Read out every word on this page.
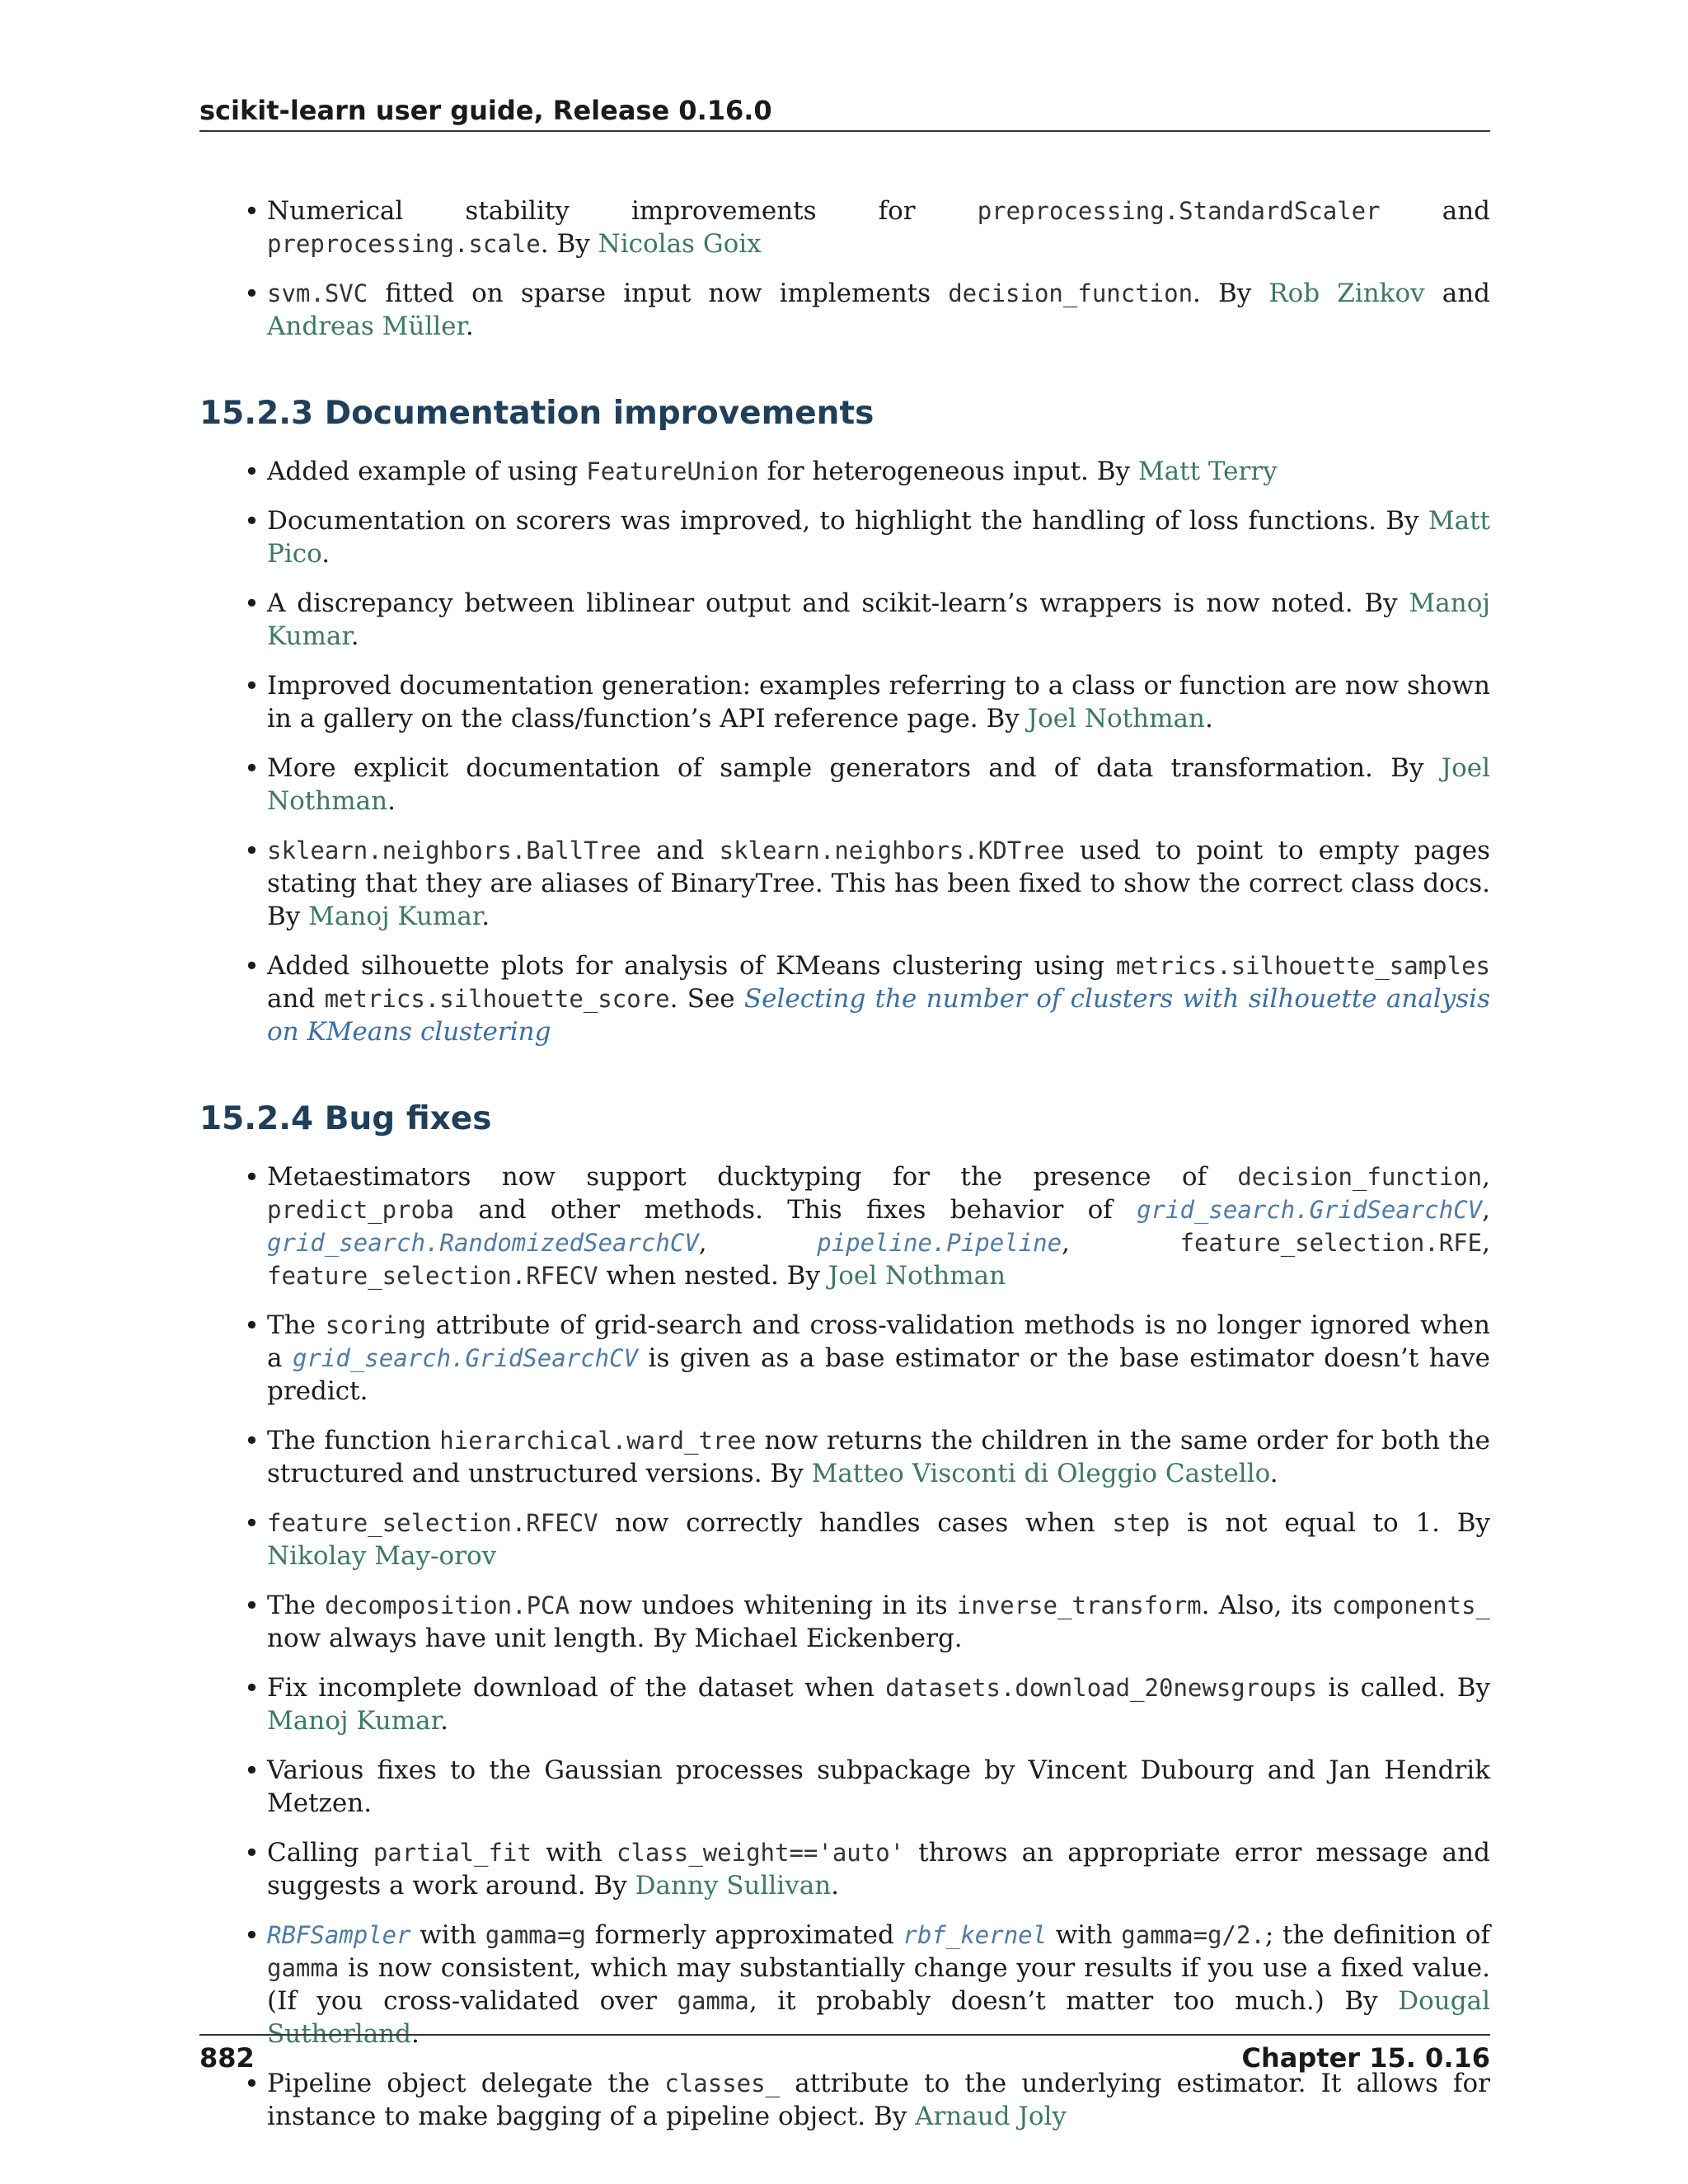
scikit-learn user guide, Release 0.16.0
• Numerical stability improvements for preprocessing.StandardScaler and preprocessing.scale. By Nicolas Goix
• svm.SVC fitted on sparse input now implements decision_function. By Rob Zinkov and Andreas Müller.
15.2.3 Documentation improvements
• Added example of using FeatureUnion for heterogeneous input. By Matt Terry
• Documentation on scorers was improved, to highlight the handling of loss functions. By Matt Pico.
• A discrepancy between liblinear output and scikit-learn’s wrappers is now noted. By Manoj Kumar.
• Improved documentation generation: examples referring to a class or function are now shown in a gallery on the class/function’s API reference page. By Joel Nothman.
• More explicit documentation of sample generators and of data transformation. By Joel Nothman.
• sklearn.neighbors.BallTree and sklearn.neighbors.KDTree used to point to empty pages stating that they are aliases of BinaryTree. This has been fixed to show the correct class docs. By Manoj Kumar.
• Added silhouette plots for analysis of KMeans clustering using metrics.silhouette_samples and metrics.silhouette_score. See Selecting the number of clusters with silhouette analysis on KMeans clustering
15.2.4 Bug fixes
• Metaestimators now support ducktyping for the presence of decision_function, predict_proba and other methods. This fixes behavior of grid_search.GridSearchCV, grid_search.RandomizedSearchCV, pipeline.Pipeline, feature_selection.RFE, feature_selection.RFECV when nested. By Joel Nothman
• The scoring attribute of grid-search and cross-validation methods is no longer ignored when a grid_search.GridSearchCV is given as a base estimator or the base estimator doesn’t have predict.
• The function hierarchical.ward_tree now returns the children in the same order for both the structured and unstructured versions. By Matteo Visconti di Oleggio Castello.
• feature_selection.RFECV now correctly handles cases when step is not equal to 1. By Nikolay May-orov
• The decomposition.PCA now undoes whitening in its inverse_transform. Also, its components_ now always have unit length. By Michael Eickenberg.
• Fix incomplete download of the dataset when datasets.download_20newsgroups is called. By Manoj Kumar.
• Various fixes to the Gaussian processes subpackage by Vincent Dubourg and Jan Hendrik Metzen.
• Calling partial_fit with class_weight=='auto' throws an appropriate error message and suggests a work around. By Danny Sullivan.
• RBFSampler with gamma=g formerly approximated rbf_kernel with gamma=g/2.; the definition of gamma is now consistent, which may substantially change your results if you use a fixed value. (If you cross-validated over gamma, it probably doesn’t matter too much.) By Dougal Sutherland.
• Pipeline object delegate the classes_ attribute to the underlying estimator. It allows for instance to make bagging of a pipeline object. By Arnaud Joly
882	Chapter 15. 0.16
